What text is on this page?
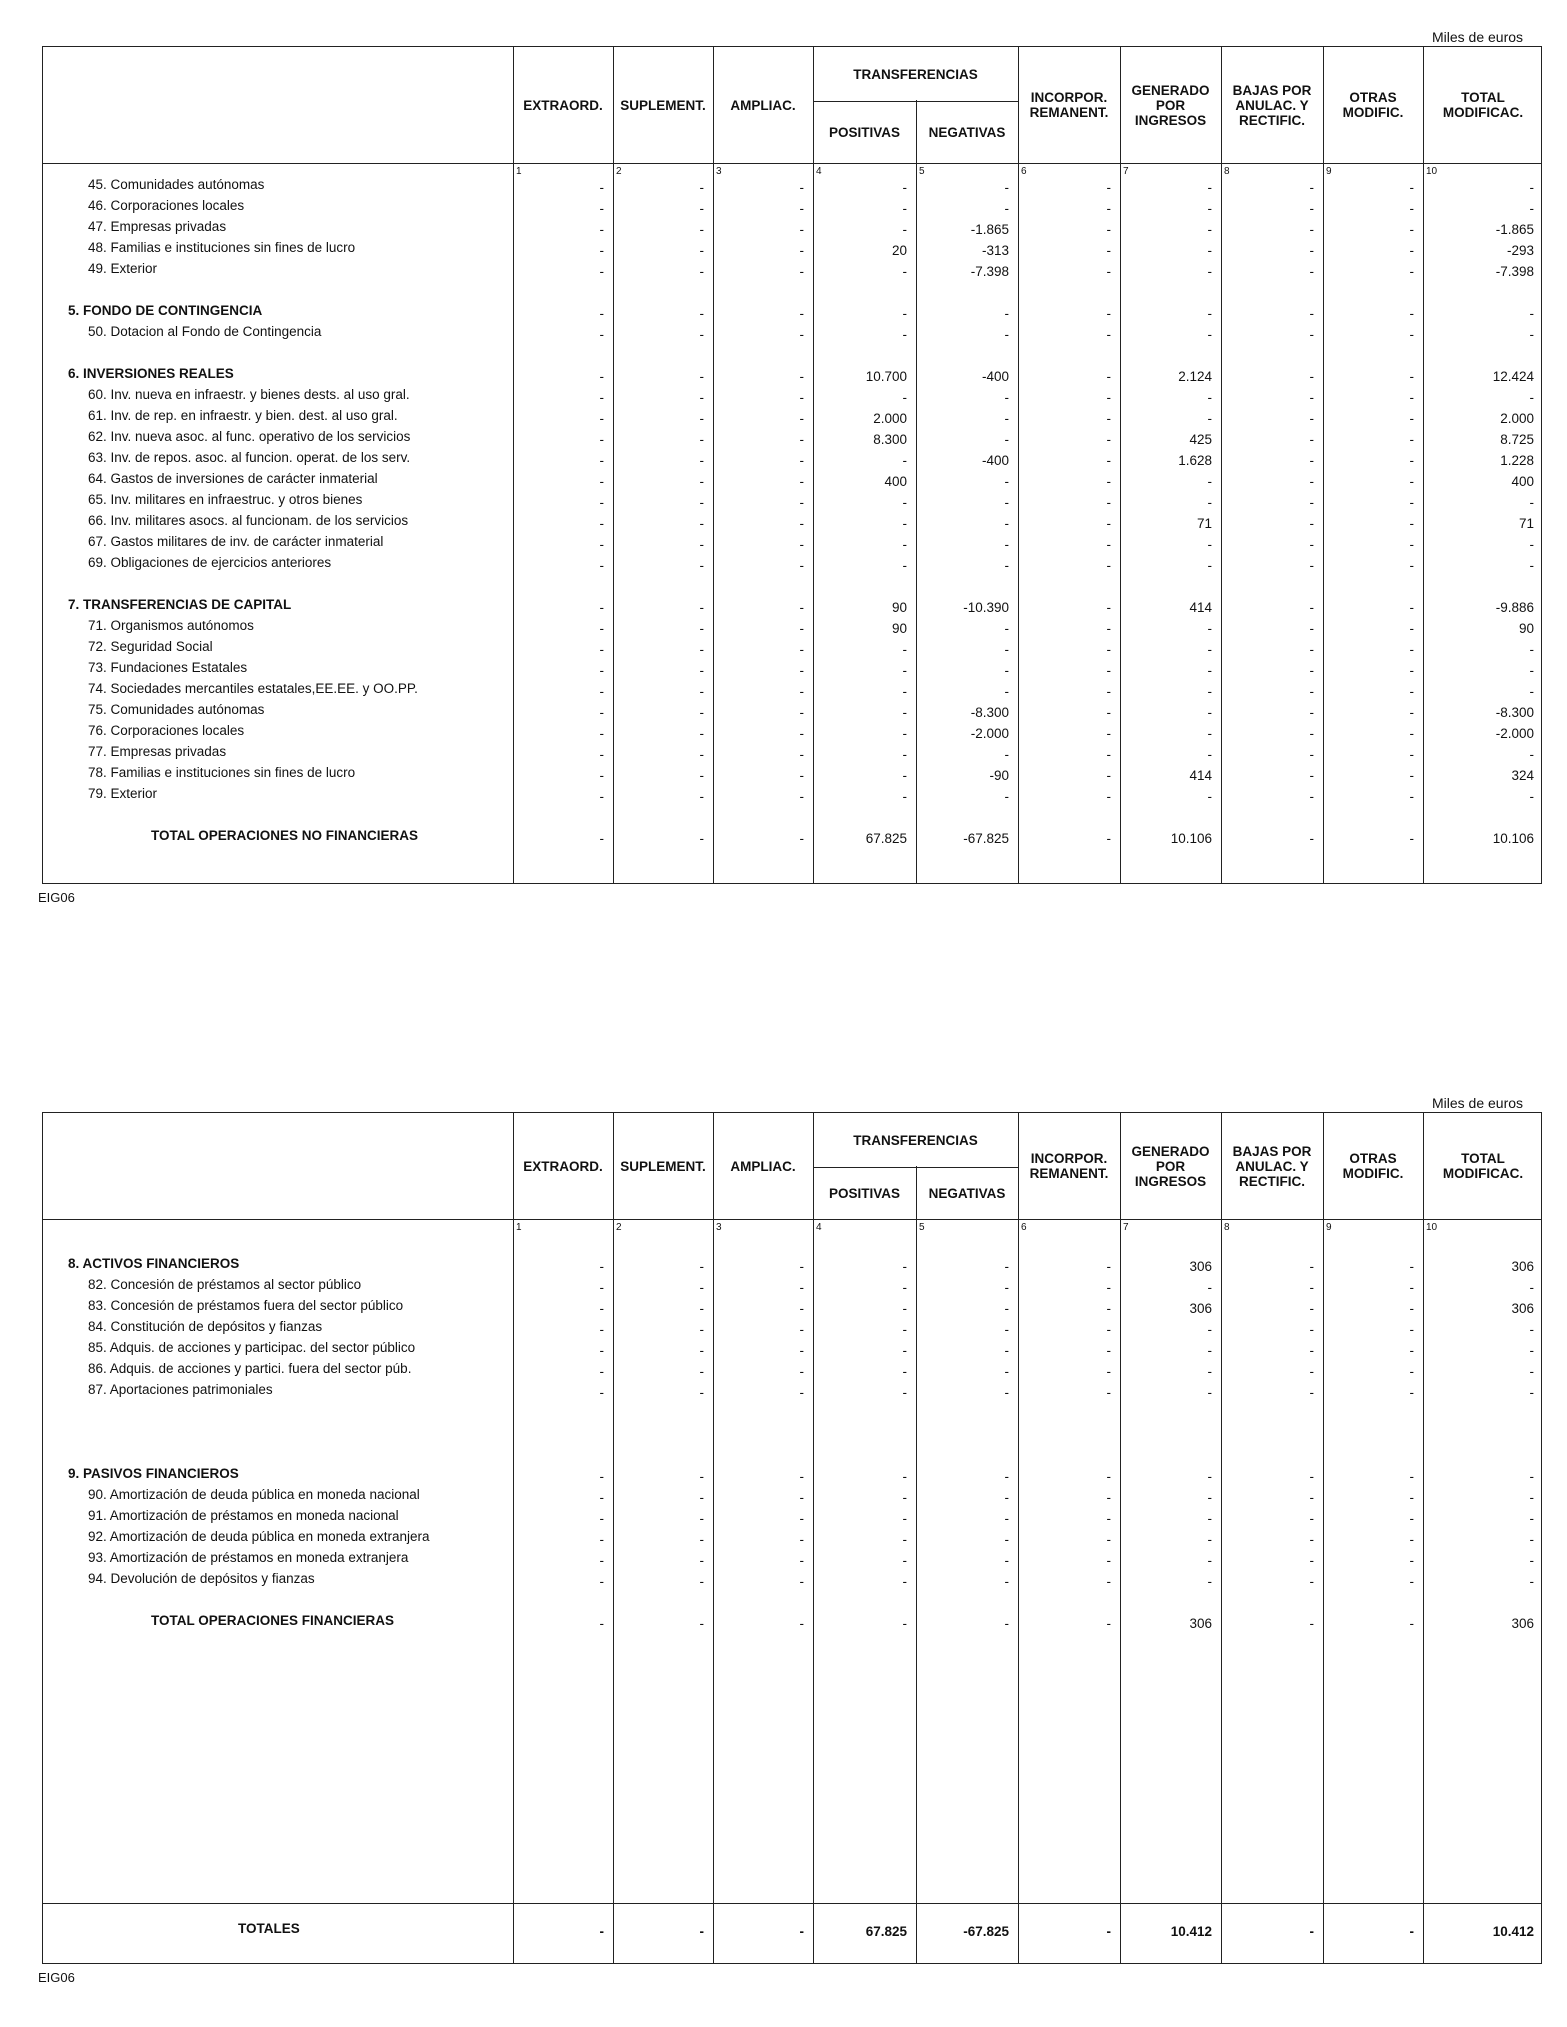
Miles de euros
EXTRAORD.	SUPLEMENT.	AMPLIAC.
TRANSFERENCIAS
POSITIVAS	NEGATIVAS
INCORPOR.
REMANENT.
GENERADO
POR
INGRESOS
BAJAS POR
ANULAC. Y
RECTIFIC.
OTRAS
MODIFIC.
TOTAL
MODIFICAC.
1	2	3	4	5	6	7	8	9	10
45. Comunidades autónomas	-	-	-	-	-	-	-	-	-	-
46. Corporaciones locales	-	-	-	-	-	-	-	-	-	-
47. Empresas privadas	-	-	-	-	-1.865	-	-	-	-	-1.865
48. Familias e instituciones sin fines de lucro	-	-	-	20	-313	-	-	-	-	-293
49. Exterior	-	-	-	-	-7.398	-	-	-	-	-7.398
5. FONDO DE CONTINGENCIA	-	-	-	-	-	-	-	-	-	-
50. Dotacion al Fondo de Contingencia	-	-	-	-	-	-	-	-	-	-
6. INVERSIONES REALES	-	-	-	10.700	-400	-	2.124	-	-	12.424
60. Inv. nueva en infraestr. y bienes dests. al uso gral.	-	-	-	-	-	-	-	-	-	-
61. Inv. de rep. en infraestr. y bien. dest. al uso gral.	-	-	-	2.000	-	-	-	-	-	2.000
62. Inv. nueva asoc. al func. operativo de los servicios	-	-	-	8.300	-	-	425	-	-	8.725
63. Inv. de repos. asoc. al funcion. operat. de los serv.	-	-	-	-	-400	-	1.628	-	-	1.228
64. Gastos de inversiones de carácter inmaterial	-	-	-	400	-	-	-	-	-	400
65. Inv. militares en infraestruc. y otros bienes	-	-	-	-	-	-	-	-	-	-
66. Inv. militares asocs. al funcionam. de los servicios	-	-	-	-	-	-	71	-	-	71
67. Gastos militares de inv. de carácter inmaterial	-	-	-	-	-	-	-	-	-	-
69. Obligaciones de ejercicios anteriores	-	-	-	-	-	-	-	-	-	-
7. TRANSFERENCIAS DE CAPITAL	-	-	-	90	-10.390	-	414	-	-	-9.886
71. Organismos autónomos	-	-	-	90	-	-	-	-	-	90
72. Seguridad Social	-	-	-	-	-	-	-	-	-	-
73. Fundaciones Estatales	-	-	-	-	-	-	-	-	-	-
74. Sociedades mercantiles estatales,EE.EE. y OO.PP.	-	-	-	-	-	-	-	-	-	-
75. Comunidades autónomas	-	-	-	-	-8.300	-	-	-	-	-8.300
76. Corporaciones locales	-	-	-	-	-2.000	-	-	-	-	-2.000
77. Empresas privadas	-	-	-	-	-	-	-	-	-	-
78. Familias e instituciones sin fines de lucro	-	-	-	-	-90	-	414	-	-	324
79. Exterior	-	-	-	-	-	-	-	-	-	-
TOTAL OPERACIONES NO FINANCIERAS	-	-	-	67.825	-67.825	-	10.106	-	-	10.106
EIG06
Miles de euros
EXTRAORD.	SUPLEMENT.	AMPLIAC.
TRANSFERENCIAS
POSITIVAS	NEGATIVAS
INCORPOR.
REMANENT.
GENERADO
POR
INGRESOS
BAJAS POR
ANULAC. Y
RECTIFIC.
OTRAS
MODIFIC.
TOTAL
MODIFICAC.
1	2	3	4	5	6	7	8	9	10
8. ACTIVOS FINANCIEROS	-	-	-	-	-	-	306	-	-	306
82. Concesión de préstamos al sector público	-	-	-	-	-	-	-	-	-	-
83. Concesión de préstamos fuera del sector público	-	-	-	-	-	-	306	-	-	306
84. Constitución de depósitos y fianzas	-	-	-	-	-	-	-	-	-	-
85. Adquis. de acciones y participac. del sector público	-	-	-	-	-	-	-	-	-	-
86. Adquis. de acciones y partici. fuera del sector púb.	-	-	-	-	-	-	-	-	-	-
87. Aportaciones patrimoniales	-	-	-	-	-	-	-	-	-	-
9. PASIVOS FINANCIEROS	-	-	-	-	-	-	-	-	-	-
90. Amortización de deuda pública en moneda nacional	-	-	-	-	-	-	-	-	-	-
91. Amortización de préstamos en moneda nacional	-	-	-	-	-	-	-	-	-	-
92. Amortización de deuda pública en moneda extranjera	-	-	-	-	-	-	-	-	-	-
93. Amortización de préstamos en moneda extranjera	-	-	-	-	-	-	-	-	-	-
94. Devolución de depósitos y fianzas	-	-	-	-	-	-	-	-	-	-
TOTAL OPERACIONES FINANCIERAS	-	-	-	-	-	-	306	-	-	306
TOTALES	-	-	-	67.825	-67.825	-	10.412	-	-	10.412
EIG06
